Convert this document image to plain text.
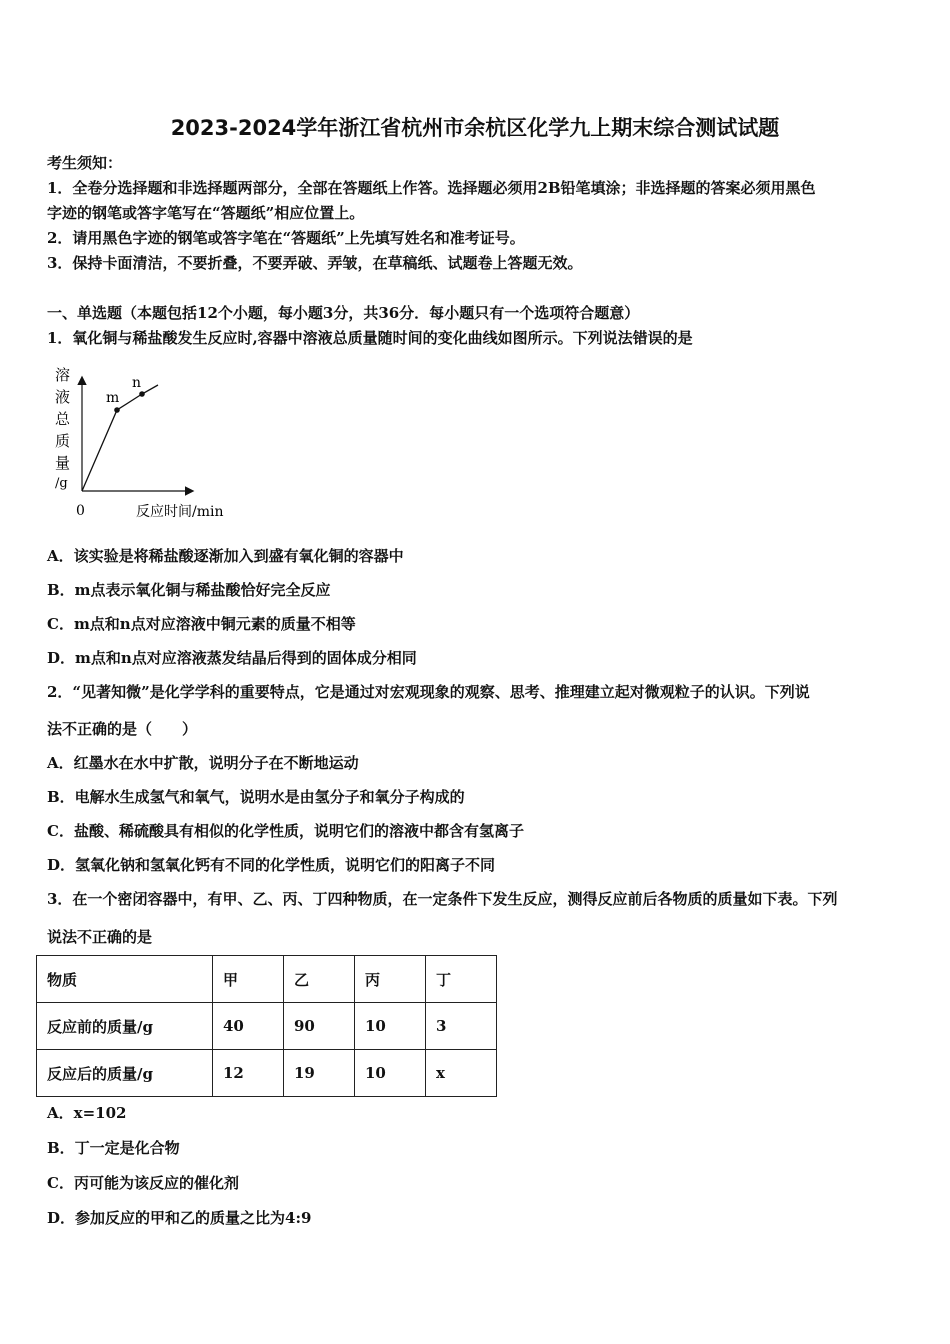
2023-2024学年浙江省杭州市余杭区化学九上期末综合测试试题
考生须知：
1．全卷分选择题和非选择题两部分，全部在答题纸上作答。选择题必须用2B铅笔填涂；非选择题的答案必须用黑色
字迹的钢笔或答字笔写在“答题纸”相应位置上。
2．请用黑色字迹的钢笔或答字笔在“答题纸”上先填写姓名和准考证号。
3．保持卡面清洁，不要折叠，不要弄破、弄皱，在草稿纸、试题卷上答题无效。
一、单选题（本题包括12个小题，每小题3分，共36分．每小题只有一个选项符合题意）
1．氧化铜与稀盐酸发生反应时,容器中溶液总质量随时间的变化曲线如图所示。下列说法错误的是
m
n
溶
液
总
质
量
/g
0	反应时间/min
A．该实验是将稀盐酸逐渐加入到盛有氧化铜的容器中
B．m点表示氧化铜与稀盐酸恰好完全反应
C．m点和n点对应溶液中铜元素的质量不相等
D．m点和n点对应溶液蒸发结晶后得到的固体成分相同
2．“见著知微”是化学学科的重要特点，它是通过对宏观现象的观察、思考、推理建立起对微观粒子的认识。下列说
法不正确的是（　　）
A．红墨水在水中扩散，说明分子在不断地运动
B．电解水生成氢气和氧气，说明水是由氢分子和氧分子构成的
C．盐酸、稀硫酸具有相似的化学性质，说明它们的溶液中都含有氢离子
D．氢氧化钠和氢氧化钙有不同的化学性质，说明它们的阳离子不同
3．在一个密闭容器中，有甲、乙、丙、丁四种物质，在一定条件下发生反应，测得反应前后各物质的质量如下表。下列
说法不正确的是
物质	甲	乙	丙	丁
反应前的质量/g	40	90	10	3
反应后的质量/g	12	19	10	x
A．x=102
B．丁一定是化合物
C．丙可能为该反应的催化剂
D．参加反应的甲和乙的质量之比为4:9
